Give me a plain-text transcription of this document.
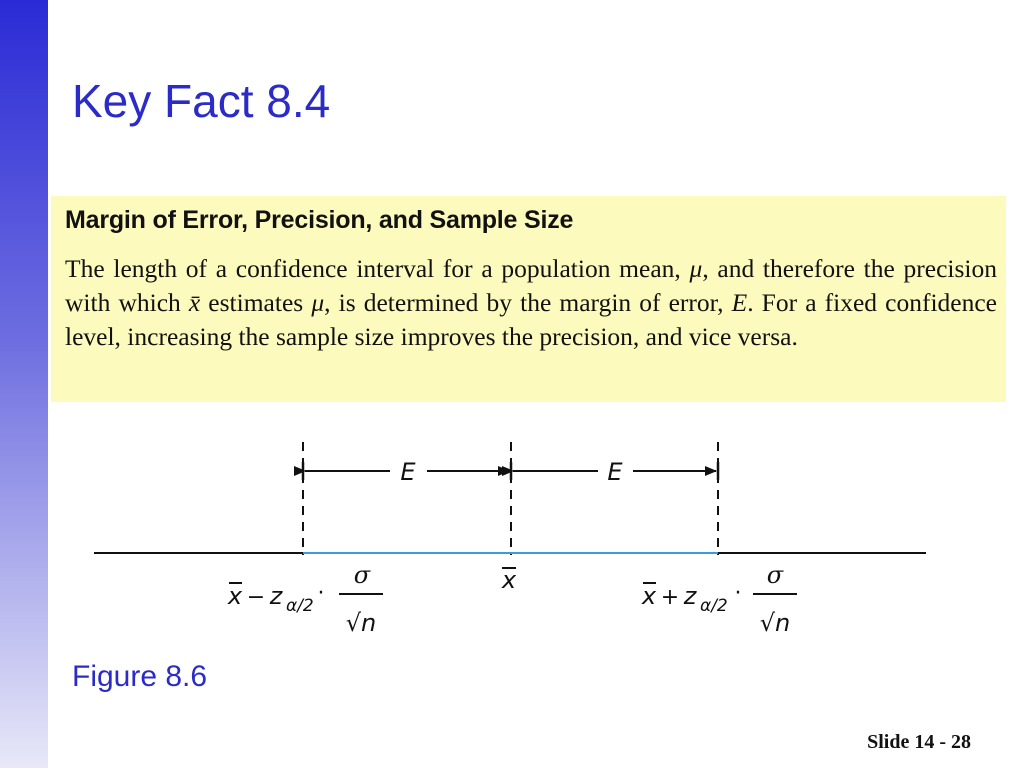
Key Fact 8.4
Margin of Error, Precision, and Sample Size
The length of a confidence interval for a population mean, μ, and therefore the precision with which x̄ estimates μ, is determined by the margin of error, E. For a fixed confidence level, increasing the sample size improves the precision, and vice versa.
E	E
x
x − z α/2 ·
σ
√n
x + z α/2 ·
σ
√n
Figure 8.6
Slide 14 - 28
